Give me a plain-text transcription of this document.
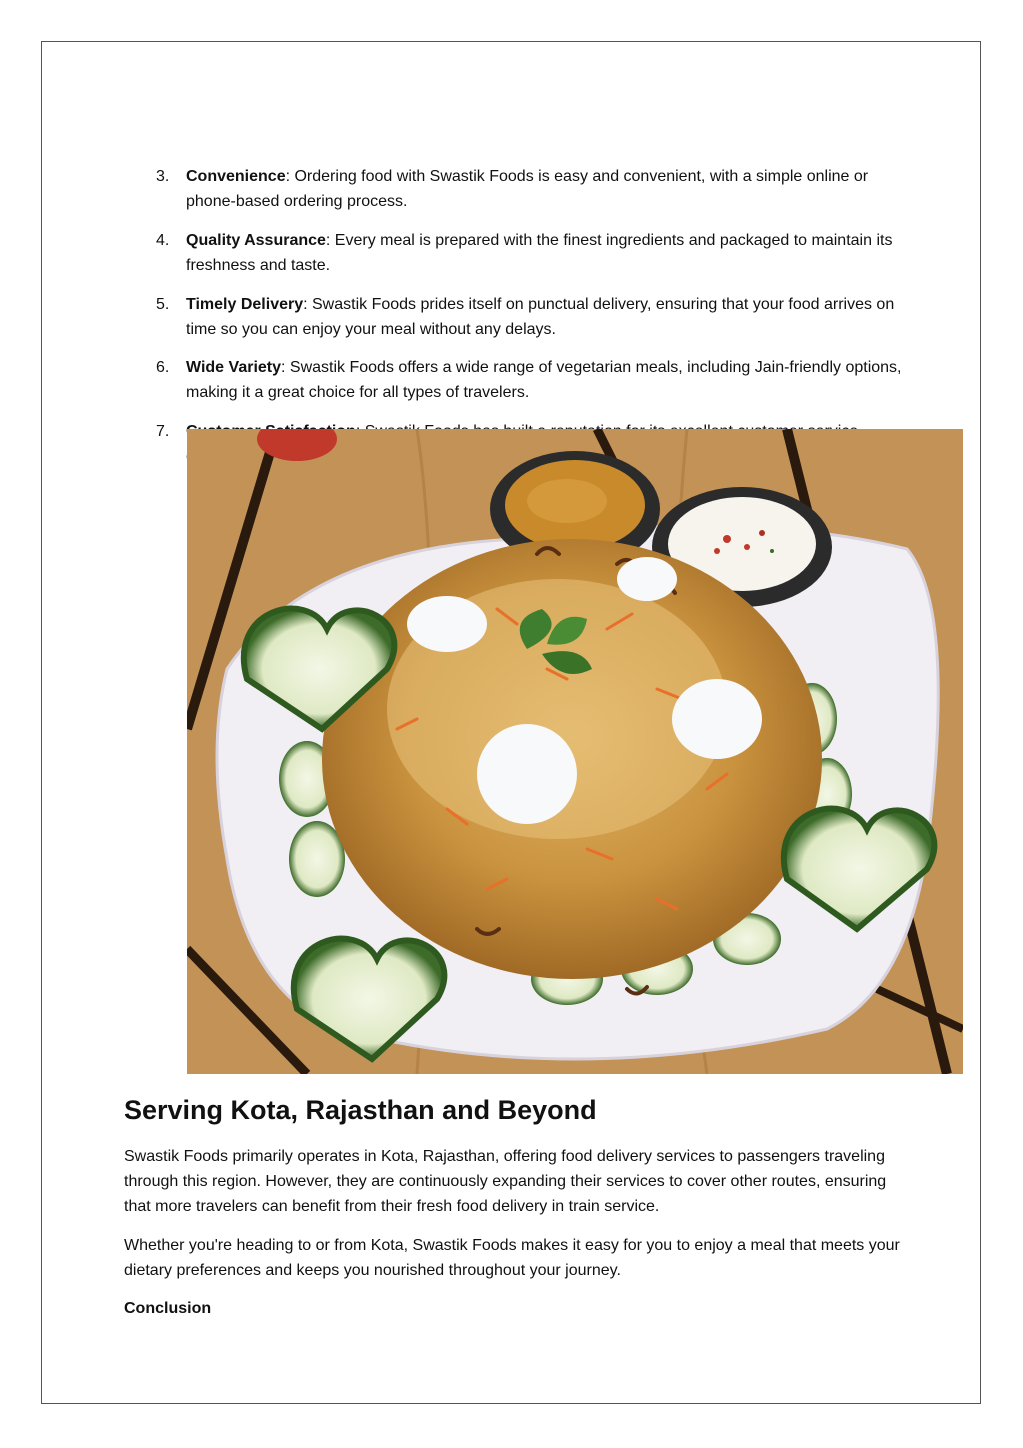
3.	Convenience: Ordering food with Swastik Foods is easy and convenient, with a simple online or phone-based ordering process.
4.	Quality Assurance: Every meal is prepared with the finest ingredients and packaged to maintain its freshness and taste.
5.	Timely Delivery: Swastik Foods prides itself on punctual delivery, ensuring that your food arrives on time so you can enjoy your meal without any delays.
6.	Wide Variety: Swastik Foods offers a wide range of vegetarian meals, including Jain-friendly options, making it a great choice for all types of travelers.
7.
Serving Kota, Rajasthan and Beyond
Swastik Foods primarily operates in Kota, Rajasthan, offering food delivery services to passengers traveling through this region. However, they are continuously expanding their services to cover other routes, ensuring that more travelers can benefit from their fresh food delivery in train service.
Whether you're heading to or from Kota, Swastik Foods makes it easy for you to enjoy a meal that meets your dietary preferences and keeps you nourished throughout your journey.
Conclusion
